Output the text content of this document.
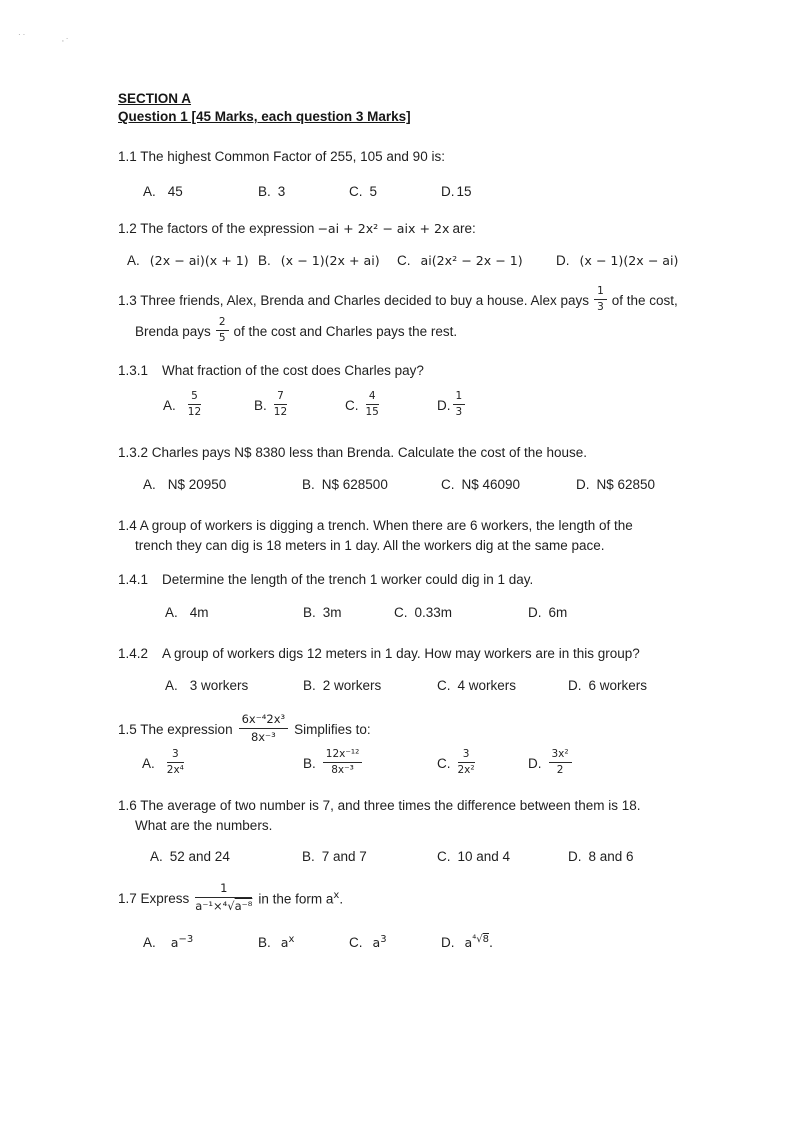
··	‚·
SECTION A
Question 1 [45 Marks, each question 3 Marks]
1.1 The highest Common Factor of 255, 105 and 90 is:
A. 45	B. 3	C. 5	D. 15
1.2 The factors of the expression −ai + 2x² − aix + 2x are:
A. (2x − ai)(x + 1) B. (x − 1)(2x + ai) C. ai(2x² − 2x − 1) D. (x − 1)(2x − ai)
1.3 Three friends, Alex, Brenda and Charles decided to buy a house. Alex pays $\frac{1}{3}$ of the cost,
Brenda pays $\frac{2}{5}$ of the cost and Charles pays the rest.
1.3.1 What fraction of the cost does Charles pay?
A. $\frac{5}{12}$	B. $\frac{7}{12}$	C. $\frac{4}{15}$	D. $\frac{1}{3}$
1.3.2 Charles pays N$ 8380 less than Brenda. Calculate the cost of the house.
A. N$ 20950	B. N$ 628500	C. N$ 46090	D. N$ 62850
1.4 A group of workers is digging a trench. When there are 6 workers, the length of the
trench they can dig is 18 meters in 1 day. All the workers dig at the same pace.
1.4.1 Determine the length of the trench 1 worker could dig in 1 day.
A. 4m	B. 3m	C. 0.33m	D. 6m
1.4.2 A group of workers digs 12 meters in 1 day. How may workers are in this group?
A. 3 workers	B. 2 workers	C. 4 workers	D. 6 workers
1.5 The expression $\frac{\text{6x⁻⁴2x³}}{\text{8x⁻³}}$ Simplifies to:
A. $\frac{3}{\text{2x⁴}}$	B. $\frac{\text{12x⁻¹²}}{\text{8x⁻³}}$	C. $\frac{3}{\text{2x²}}$	D. $\frac{\text{3x²}}{2}$
1.6 The average of two number is 7, and three times the difference between them is 18.
What are the numbers.
A. 52 and 24	B. 7 and 7	C. 10 and 4	D. 8 and 6
1.7 Express $\frac{1}{\text{a⁻¹×⁴√a⁻⁸}}$ in the form $a^x$.
A. $a^{-3}$	B. $a^x$	C. $a^3$	D. $a^{^4√8}$.
